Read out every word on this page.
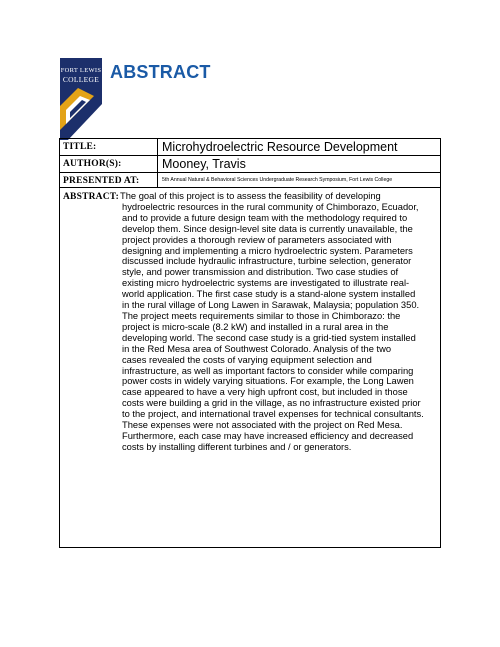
FORT LEWIS
COLLEGE ABSTRACT
TITLE:	Microhydroelectric Resource Development
AUTHOR(S):	Mooney, Travis
PRESENTED AT:	5th Annual Natural & Behavioral Sciences Undergraduate Research Symposium, Fort Lewis College
ABSTRACT: The goal of this project is to assess the feasibility of developing
hydroelectric resources in the rural community of Chimborazo, Ecuador,
and to provide a future design team with the methodology required to
develop them. Since design-level site data is currently unavailable, the
project provides a thorough review of parameters associated with
designing and implementing a micro hydroelectric system. Parameters
discussed include hydraulic infrastructure, turbine selection, generator
style, and power transmission and distribution. Two case studies of
existing micro hydroelectric systems are investigated to illustrate real-
world application. The first case study is a stand-alone system installed
in the rural village of Long Lawen in Sarawak, Malaysia; population 350.
The project meets requirements similar to those in Chimborazo: the
project is micro-scale (8.2 kW) and installed in a rural area in the
developing world. The second case study is a grid-tied system installed
in the Red Mesa area of Southwest Colorado. Analysis of the two
cases revealed the costs of varying equipment selection and
infrastructure, as well as important factors to consider while comparing
power costs in widely varying situations. For example, the Long Lawen
case appeared to have a very high upfront cost, but included in those
costs were building a grid in the village, as no infrastructure existed prior
to the project, and international travel expenses for technical consultants.
These expenses were not associated with the project on Red Mesa.
Furthermore, each case may have increased efficiency and decreased
costs by installing different turbines and / or generators.
